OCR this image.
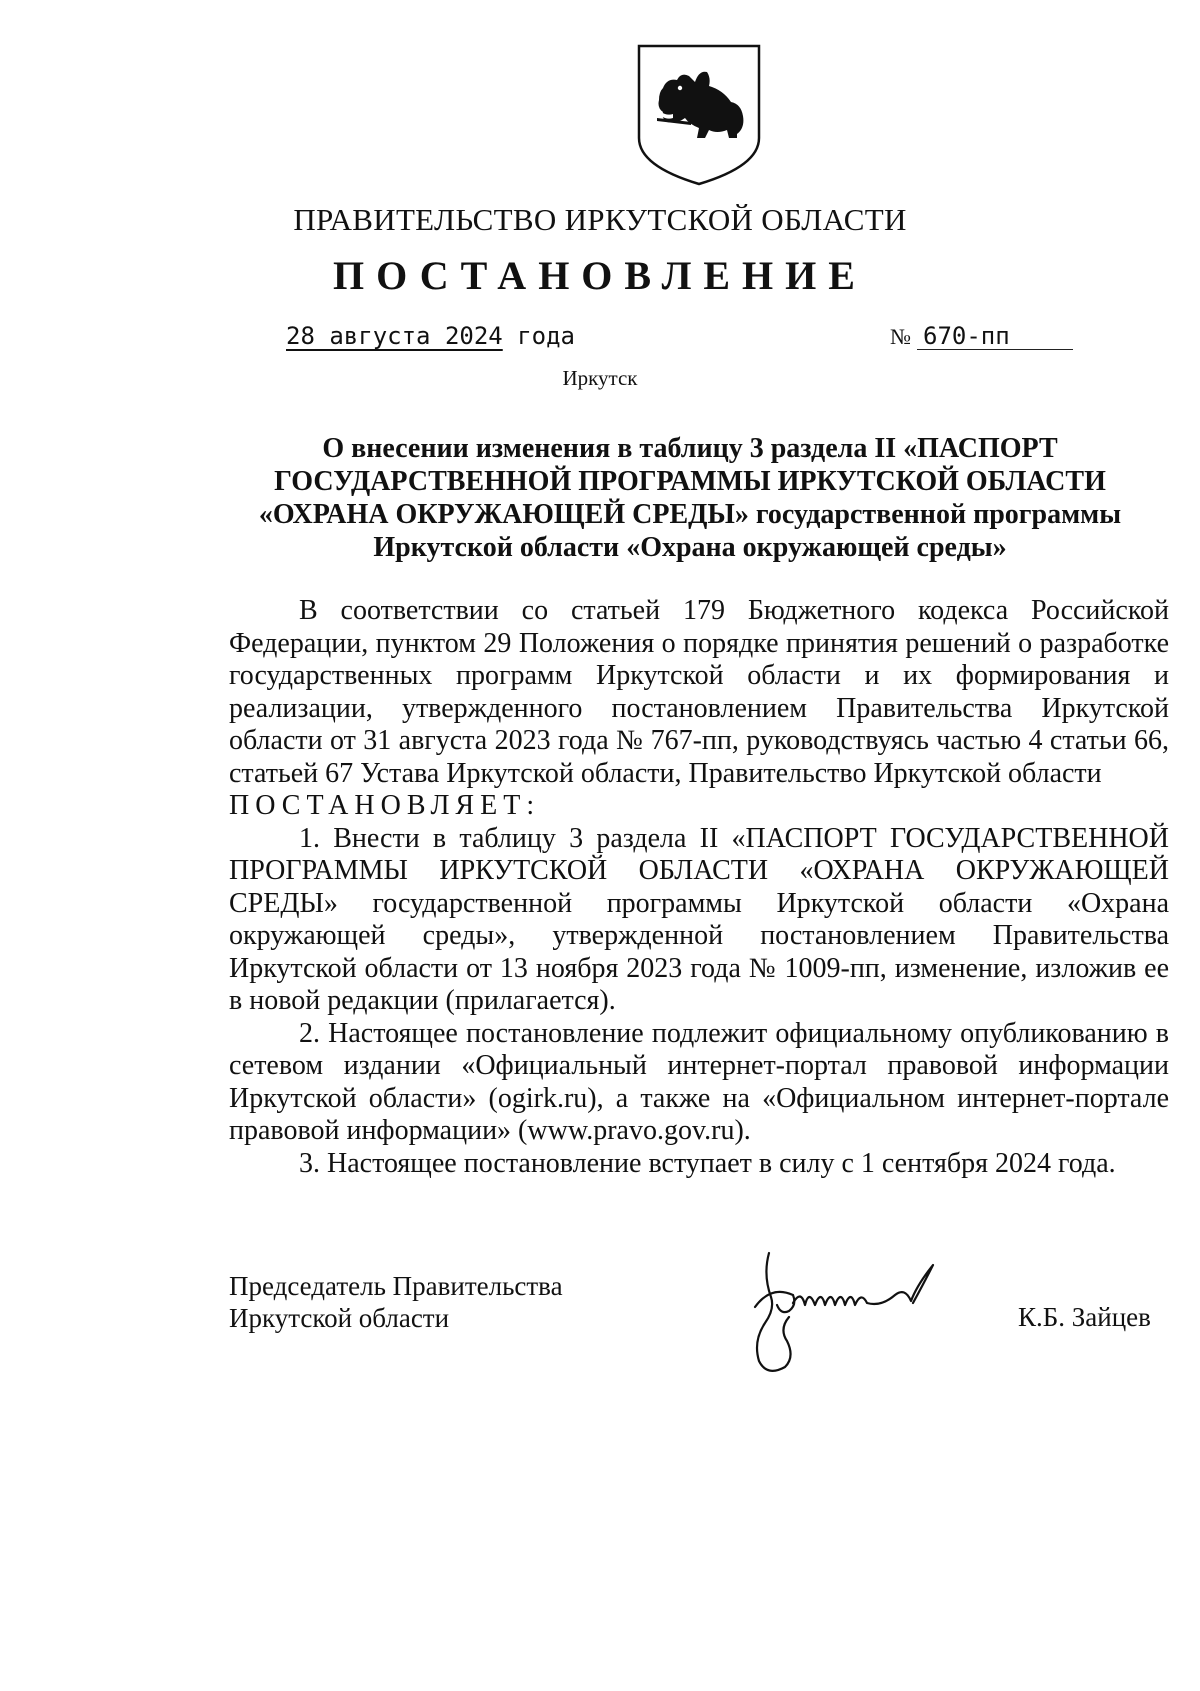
ПРАВИТЕЛЬСТВО ИРКУТСКОЙ ОБЛАСТИ
ПОСТАНОВЛЕНИЕ
28 августа 2024 года	№ 670-пп
Иркутск
О внесении изменения в таблицу 3 раздела II «ПАСПОРТ
ГОСУДАРСТВЕННОЙ ПРОГРАММЫ ИРКУТСКОЙ ОБЛАСТИ
«ОХРАНА ОКРУЖАЮЩЕЙ СРЕДЫ» государственной программы
Иркутской области «Охрана окружающей среды»

В соответствии со статьей 179 Бюджетного кодекса Российской Федерации, пунктом 29 Положения о порядке принятия решений о разработке государственных программ Иркутской области и их формирования и реализации, утвержденного постановлением Правительства Иркутской области от 31 августа 2023 года № 767-пп, руководствуясь частью 4 статьи 66, статьей 67 Устава Иркутской области, Правительство Иркутской области

ПОСТАНОВЛЯЕТ:

1. Внести в таблицу 3 раздела II «ПАСПОРТ ГОСУДАРСТВЕННОЙ ПРОГРАММЫ ИРКУТСКОЙ ОБЛАСТИ «ОХРАНА ОКРУЖАЮЩЕЙ СРЕДЫ» государственной программы Иркутской области «Охрана окружающей среды», утвержденной постановлением Правительства Иркутской области от 13 ноября 2023 года № 1009-пп, изменение, изложив ее в новой редакции (прилагается).

2. Настоящее постановление подлежит официальному опубликованию в сетевом издании «Официальный интернет-портал правовой информации Иркутской области» (ogirk.ru), а также на «Официальном интернет-портале правовой информации» (www.pravo.gov.ru).

3. Настоящее постановление вступает в силу с 1 сентября 2024 года.

Председатель Правительства
Иркутской области	К.Б. Зайцев
